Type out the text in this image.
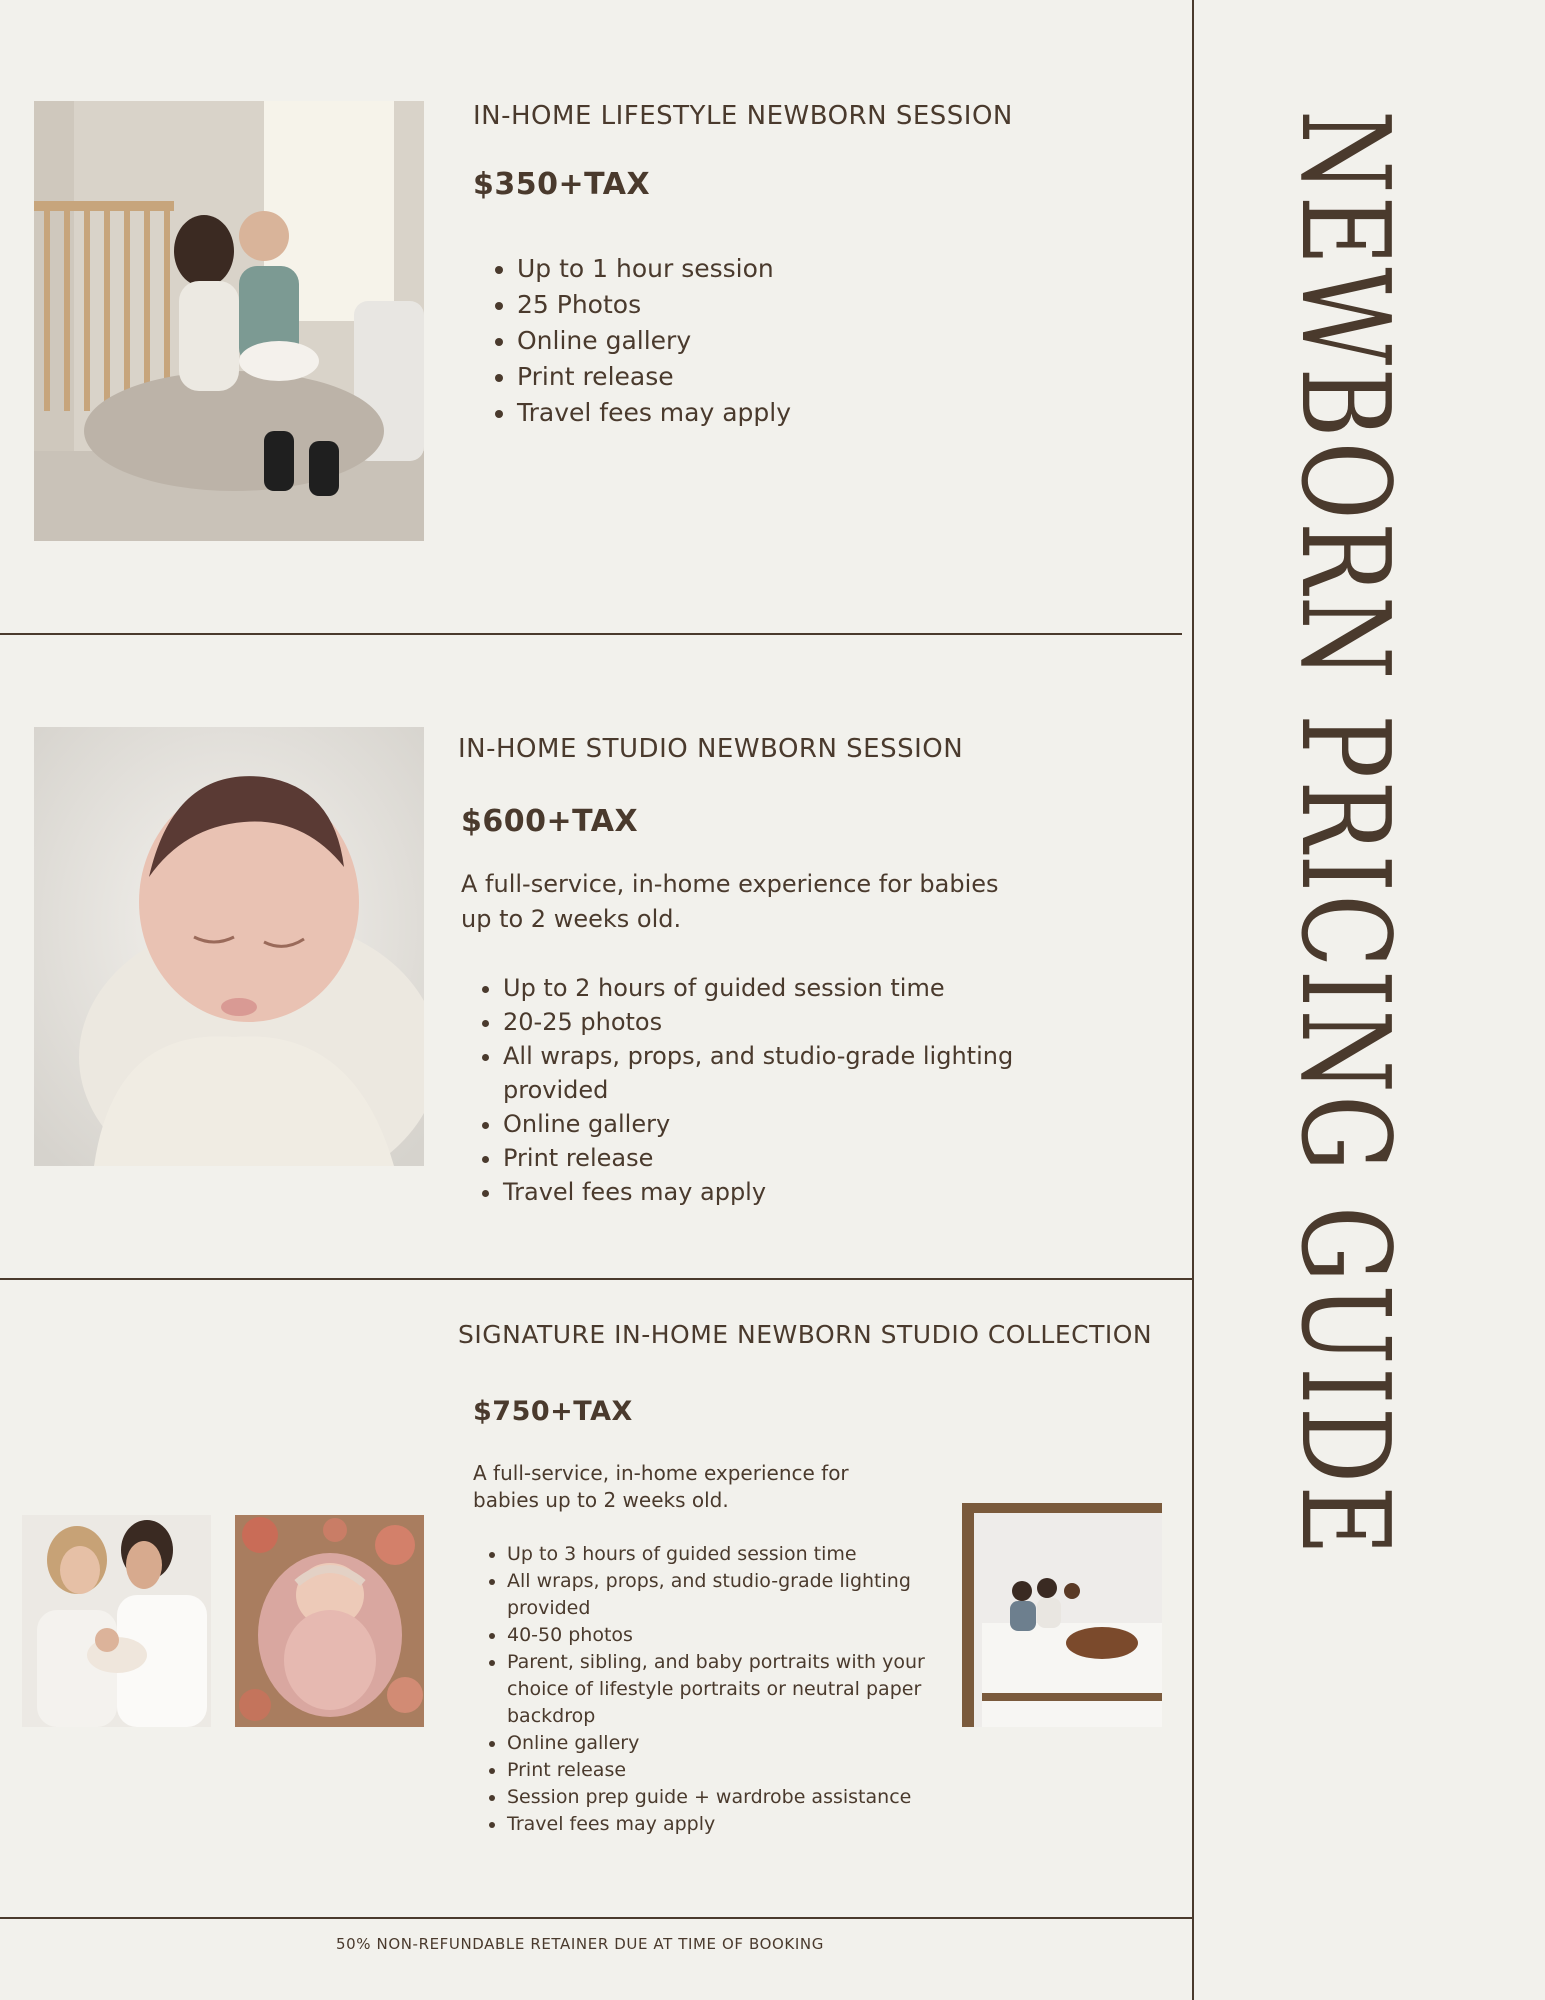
IN-HOME LIFESTYLE NEWBORN SESSION
$350+TAX
• Up to 1 hour session
• 25 Photos
• Online gallery
• Print release
• Travel fees may apply
IN-HOME STUDIO NEWBORN SESSION
$600+TAX
A full-service, in-home experience for babies up to 2 weeks old.
• Up to 2 hours of guided session time
• 20-25 photos
• All wraps, props, and studio-grade lighting provided
• Online gallery
• Print release
• Travel fees may apply
SIGNATURE IN-HOME NEWBORN STUDIO COLLECTION
$750+TAX
A full-service, in-home experience for babies up to 2 weeks old.
• Up to 3 hours of guided session time
• All wraps, props, and studio-grade lighting provided
• 40-50 photos
• Parent, sibling, and baby portraits with your choice of lifestyle portraits or neutral paper backdrop
• Online gallery
• Print release
• Session prep guide + wardrobe assistance
• Travel fees may apply
50% NON-REFUNDABLE RETAINER DUE AT TIME OF BOOKING
NEWBORN PRICING GUIDE
